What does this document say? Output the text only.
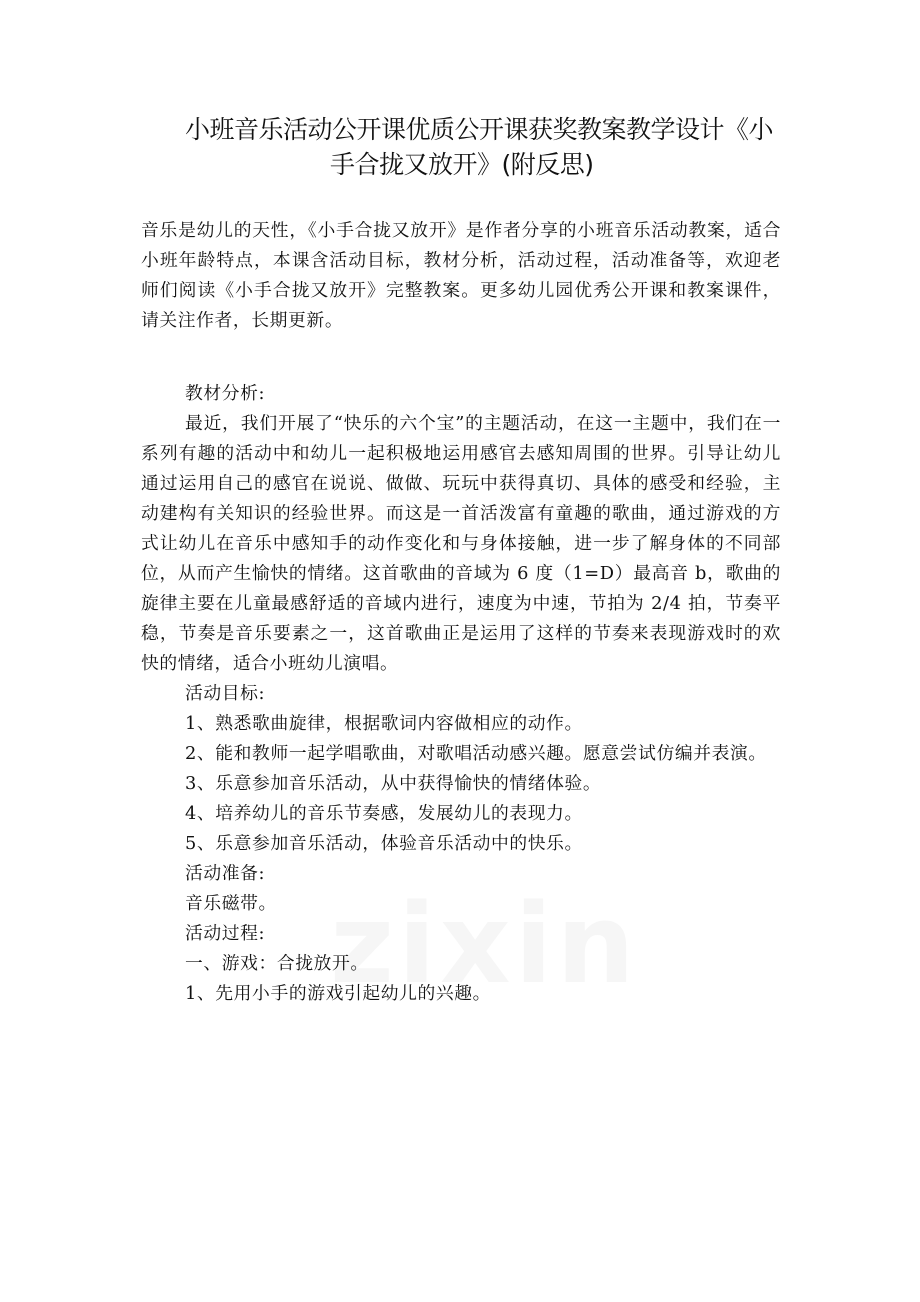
小班音乐活动公开课优质公开课获奖教案教学设计《小
手合拢又放开》(附反思)

音乐是幼儿的天性，《小手合拢又放开》是作者分享的小班音乐活动教案，适合小班年龄特点，本课含活动目标，教材分析，活动过程，活动准备等，欢迎老师们阅读《小手合拢又放开》完整教案。更多幼儿园优秀公开课和教案课件，请关注作者，长期更新。

教材分析:

最近，我们开展了“快乐的六个宝”的主题活动，在这一主题中，我们在一系列有趣的活动中和幼儿一起积极地运用感官去感知周围的世界。引导让幼儿通过运用自己的感官在说说、做做、玩玩中获得真切、具体的感受和经验，主动建构有关知识的经验世界。而这是一首活泼富有童趣的歌曲，通过游戏的方式让幼儿在音乐中感知手的动作变化和与身体接触，进一步了解身体的不同部位，从而产生愉快的情绪。这首歌曲的音域为 6 度（1=D）最高音 b，歌曲的旋律主要在儿童最感舒适的音域内进行，速度为中速，节拍为 2/4 拍，节奏平稳，节奏是音乐要素之一，这首歌曲正是运用了这样的节奏来表现游戏时的欢快的情绪，适合小班幼儿演唱。

活动目标:

1、熟悉歌曲旋律，根据歌词内容做相应的动作。

2、能和教师一起学唱歌曲，对歌唱活动感兴趣。愿意尝试仿编并表演。

3、乐意参加音乐活动，从中获得愉快的情绪体验。

4、培养幼儿的音乐节奏感，发展幼儿的表现力。

5、乐意参加音乐活动，体验音乐活动中的快乐。

活动准备:

音乐磁带。

活动过程:

一、游戏：合拢放开。

1、先用小手的游戏引起幼儿的兴趣。
